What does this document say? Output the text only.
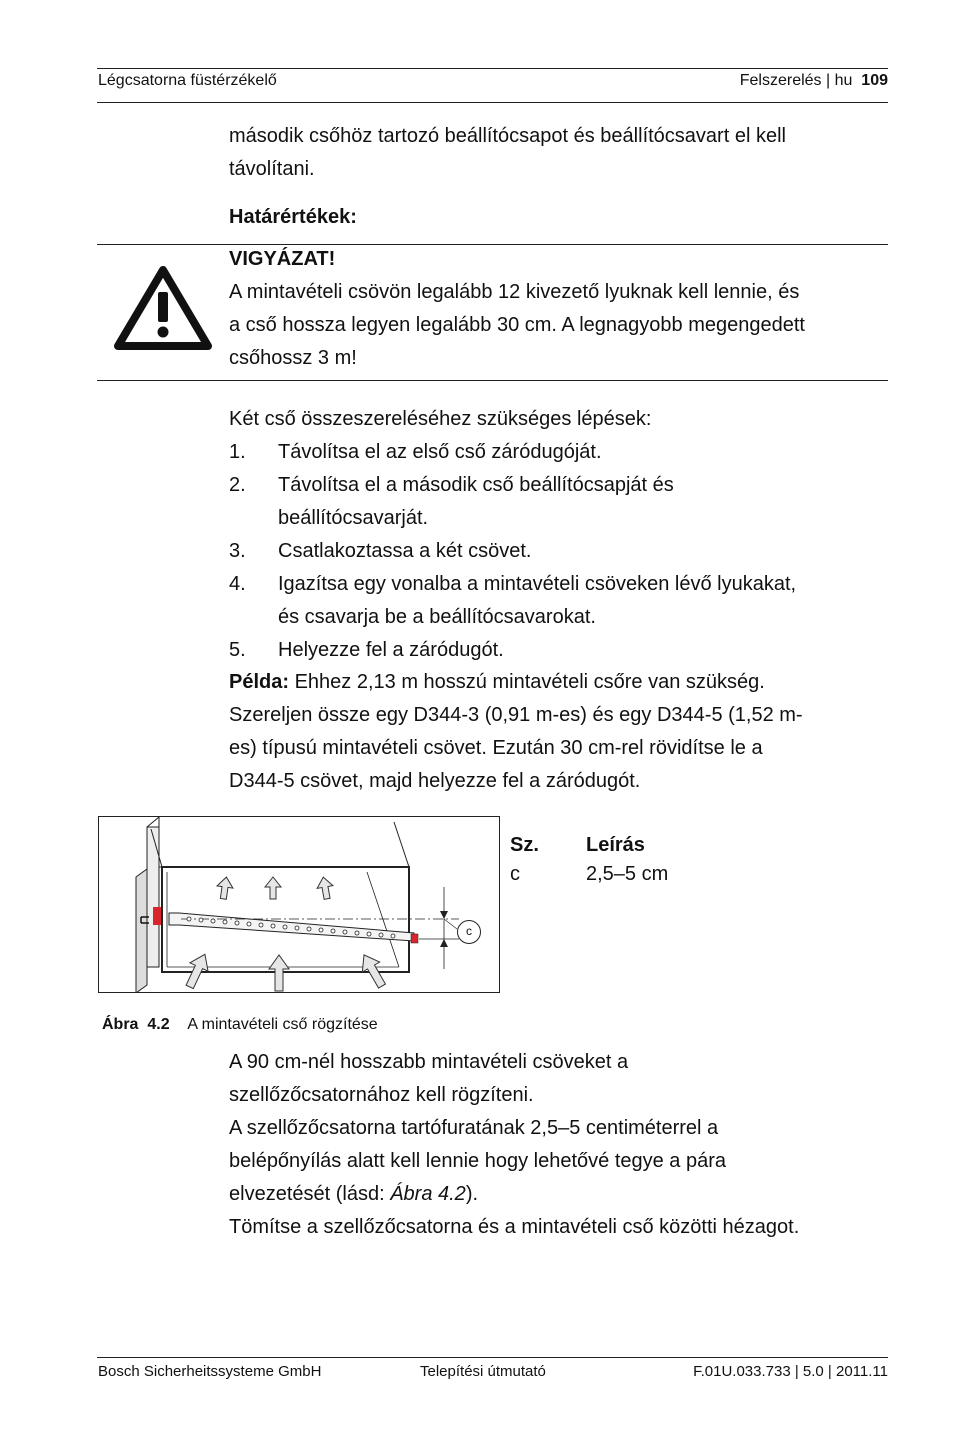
Légcsatorna füstérzékelő	Felszerelés | hu 109
második csőhöz tartozó beállítócsapot és beállítócsavart el kell
távolítani.
Határértékek:
VIGYÁZAT!
A mintavételi csövön legalább 12 kivezető lyuknak kell lennie, és
a cső hossza legyen legalább 30 cm. A legnagyobb megengedett
csőhossz 3 m!
Két cső összeszereléséhez szükséges lépések:
1.	Távolítsa el az első cső záródugóját.
2.	Távolítsa el a második cső beállítócsapját és
beállítócsavarját.
3.	Csatlakoztassa a két csövet.
4.	Igazítsa egy vonalba a mintavételi csöveken lévő lyukakat,
és csavarja be a beállítócsavarokat.
5.	Helyezze fel a záródugót.
Példa: Ehhez 2,13 m hosszú mintavételi csőre van szükség.
Szereljen össze egy D344-3 (0,91 m-es) és egy D344-5 (1,52 m-
es) típusú mintavételi csövet. Ezután 30 cm-rel rövidítse le a
D344-5 csövet, majd helyezze fel a záródugót.
c
Sz. Leírás
c	2,5–5 cm
Ábra 4.2 A mintavételi cső rögzítése
A 90 cm-nél hosszabb mintavételi csöveket a
szellőzőcsatornához kell rögzíteni.
A szellőzőcsatorna tartófuratának 2,5–5 centiméterrel a
belépőnyílás alatt kell lennie hogy lehetővé tegye a pára
elvezetését (lásd: Ábra 4.2).
Tömítse a szellőzőcsatorna és a mintavételi cső közötti hézagot.
Bosch Sicherheitssysteme GmbH	Telepítési útmutató	F.01U.033.733 | 5.0 | 2011.11
